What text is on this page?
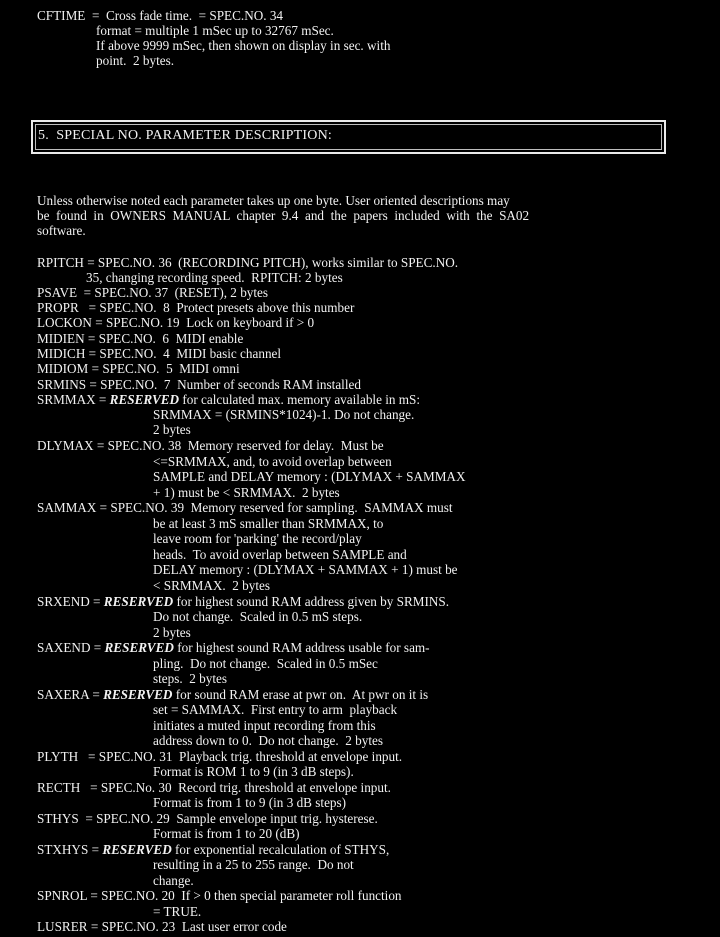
CFTIME  =  Cross fade time.  = SPEC.NO. 34
format = multiple 1 mSec up to 32767 mSec.
If above 9999 mSec, then shown on display in sec. with
point.  2 bytes.
5.  SPECIAL NO. PARAMETER DESCRIPTION:
Unless otherwise noted each parameter takes up one byte. User oriented descriptions may
be  found  in  OWNERS  MANUAL  chapter  9.4  and  the  papers  included  with  the  SA02
software.
RPITCH = SPEC.NO. 36  (RECORDING PITCH), works similar to SPEC.NO.
35, changing recording speed.  RPITCH: 2 bytes
PSAVE  = SPEC.NO. 37  (RESET), 2 bytes
PROPR   = SPEC.NO.  8  Protect presets above this number
LOCKON = SPEC.NO. 19  Lock on keyboard if > 0
MIDIEN = SPEC.NO.  6  MIDI enable
MIDICH = SPEC.NO.  4  MIDI basic channel
MIDIOM = SPEC.NO.  5  MIDI omni
SRMINS = SPEC.NO.  7  Number of seconds RAM installed
SRMMAX = RESERVED for calculated max. memory available in mS:
SRMMAX = (SRMINS*1024)-1. Do not change.
2 bytes
DLYMAX = SPEC.NO. 38  Memory reserved for delay.  Must be
<=SRMMAX, and, to avoid overlap between
SAMPLE and DELAY memory : (DLYMAX + SAMMAX
+ 1) must be < SRMMAX.  2 bytes
SAMMAX = SPEC.NO. 39  Memory reserved for sampling.  SAMMAX must
be at least 3 mS smaller than SRMMAX, to
leave room for 'parking' the record/play
heads.  To avoid overlap between SAMPLE and
DELAY memory : (DLYMAX + SAMMAX + 1) must be
< SRMMAX.  2 bytes
SRXEND = RESERVED for highest sound RAM address given by SRMINS.
Do not change.  Scaled in 0.5 mS steps.
2 bytes
SAXEND = RESERVED for highest sound RAM address usable for sam-
pling.  Do not change.  Scaled in 0.5 mSec
steps.  2 bytes
SAXERA = RESERVED for sound RAM erase at pwr on.  At pwr on it is
set = SAMMAX.  First entry to arm  playback
initiates a muted input recording from this
address down to 0.  Do not change.  2 bytes
PLYTH   = SPEC.NO. 31  Playback trig. threshold at envelope input.
Format is ROM 1 to 9 (in 3 dB steps).
RECTH   = SPEC.No. 30  Record trig. threshold at envelope input.
Format is from 1 to 9 (in 3 dB steps)
STHYS  = SPEC.NO. 29  Sample envelope input trig. hysterese.
Format is from 1 to 20 (dB)
STXHYS = RESERVED for exponential recalculation of STHYS,
resulting in a 25 to 255 range.  Do not
change.
SPNROL = SPEC.NO. 20  If > 0 then special parameter roll function
= TRUE.
LUSRER = SPEC.NO. 23  Last user error code
